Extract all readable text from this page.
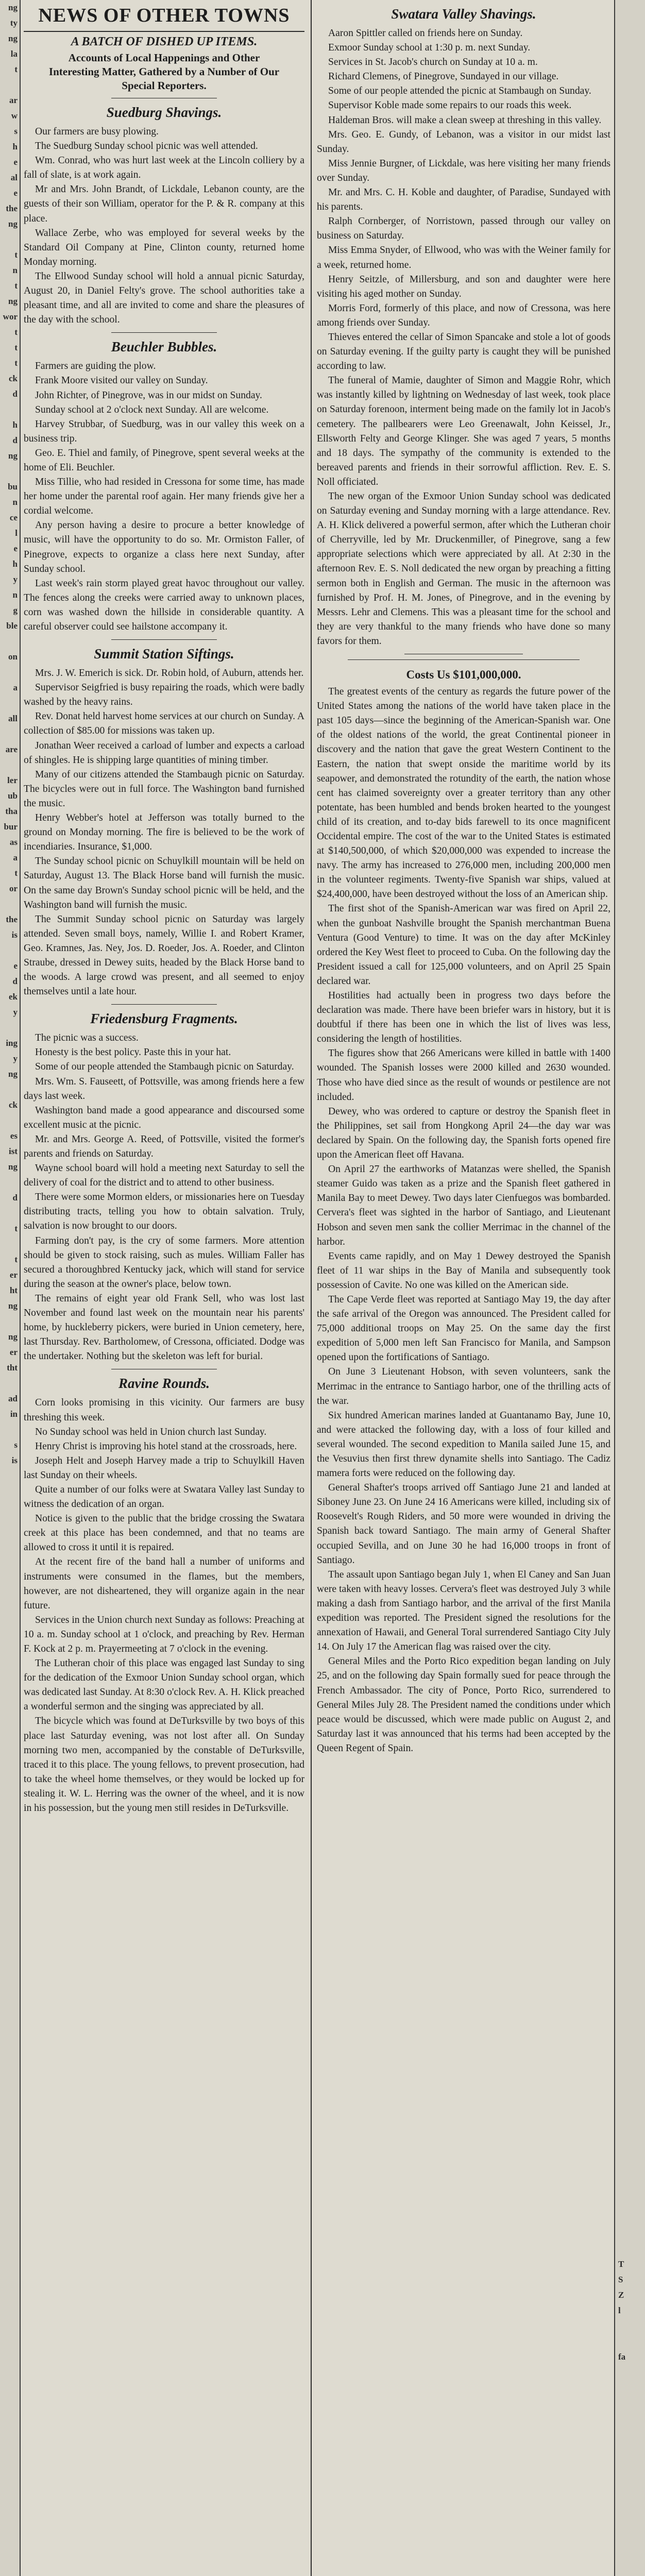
ng
ty
ng
la
t

ar
w
s
h
e
al
e
the
ng

t
n
t
ng
wor
t
t
t
ck
d

h
d
ng

bu
n
ce
l
e
h
y
n
g
ble

on

a

all

are

ler
ub
tha
bur
as
a
t
or

the
is

e
d
ek
y

ing
y
ng

ck

es
ist
ng

d

t

t
er
ht
ng

ng
er
tht

ad
in

s
is
NEWS OF OTHER TOWNS
A BATCH OF DISHED UP ITEMS.
Accounts of Local Happenings and Other Interesting Matter, Gathered by a Number of Our Special Reporters.
Suedburg Shavings.

Our farmers are busy plowing.

The Suedburg Sunday school picnic was well attended.

Wm. Conrad, who was hurt last week at the Lincoln colliery by a fall of slate, is at work again.

Mr and Mrs. John Brandt, of Lickdale, Lebanon county, are the guests of their son William, operator for the P. & R. company at this place.

Wallace Zerbe, who was employed for several weeks by the Standard Oil Company at Pine, Clinton county, returned home Monday morning.

The Ellwood Sunday school will hold a annual picnic Saturday, August 20, in Daniel Felty's grove. The school authorities take a pleasant time, and all are invited to come and share the pleasures of the day with the school.

Beuchler Bubbles.

Farmers are guiding the plow.

Frank Moore visited our valley on Sunday.

John Richter, of Pinegrove, was in our midst on Sunday.

Sunday school at 2 o'clock next Sunday. All are welcome.

Harvey Strubbar, of Suedburg, was in our valley this week on a business trip.

Geo. E. Thiel and family, of Pinegrove, spent several weeks at the home of Eli. Beuchler.

Miss Tillie, who had resided in Cressona for some time, has made her home under the parental roof again. Her many friends give her a cordial welcome.

Any person having a desire to procure a better knowledge of music, will have the opportunity to do so. Mr. Ormiston Faller, of Pinegrove, expects to organize a class here next Sunday, after Sunday school.

Last week's rain storm played great havoc throughout our valley. The fences along the creeks were carried away to unknown places, corn was washed down the hillside in considerable quantity. A careful observer could see hailstone accompany it.

Summit Station Siftings.

Mrs. J. W. Emerich is sick. Dr. Robin hold, of Auburn, attends her.

Supervisor Seigfried is busy repairing the roads, which were badly washed by the heavy rains.

Rev. Donat held harvest home services at our church on Sunday. A collection of $85.00 for missions was taken up.

Jonathan Weer received a carload of lumber and expects a carload of shingles. He is shipping large quantities of mining timber.

Many of our citizens attended the Stambaugh picnic on Saturday. The bicycles were out in full force. The Washington band furnished the music.

Henry Webber's hotel at Jefferson was totally burned to the ground on Monday morning. The fire is believed to be the work of incendiaries. Insurance, $1,000.

The Sunday school picnic on Schuylkill mountain will be held on Saturday, August 13. The Black Horse band will furnish the music. On the same day Brown's Sunday school picnic will be held, and the Washington band will furnish the music.

The Summit Sunday school picnic on Saturday was largely attended. Seven small boys, namely, Willie I. and Robert Kramer, Geo. Kramnes, Jas. Ney, Jos. D. Roeder, Jos. A. Roeder, and Clinton Straube, dressed in Dewey suits, headed by the Black Horse band to the woods. A large crowd was present, and all seemed to enjoy themselves until a late hour.

Friedensburg Fragments.

The picnic was a success.

Honesty is the best policy. Paste this in your hat.

Some of our people attended the Stambaugh picnic on Saturday.

Mrs. Wm. S. Fauseett, of Pottsville, was among friends here a few days last week.

Washington band made a good appearance and discoursed some excellent music at the picnic.

Mr. and Mrs. George A. Reed, of Pottsville, visited the former's parents and friends on Saturday.

Wayne school board will hold a meeting next Saturday to sell the delivery of coal for the district and to attend to other business.

There were some Mormon elders, or missionaries here on Tuesday distributing tracts, telling you how to obtain salvation. Truly, salvation is now brought to our doors.

Farming don't pay, is the cry of some farmers. More attention should be given to stock raising, such as mules. William Faller has secured a thoroughbred Kentucky jack, which will stand for service during the season at the owner's place, below town.

The remains of eight year old Frank Sell, who was lost last November and found last week on the mountain near his parents' home, by huckleberry pickers, were buried in Union cemetery, here, last Thursday. Rev. Bartholomew, of Cressona, officiated. Dodge was the undertaker. Nothing but the skeleton was left for burial.

Ravine Rounds.

Corn looks promising in this vicinity. Our farmers are busy threshing this week.

No Sunday school was held in Union church last Sunday.

Henry Christ is improving his hotel stand at the crossroads, here.

Joseph Helt and Joseph Harvey made a trip to Schuylkill Haven last Sunday on their wheels.

Quite a number of our folks were at Swatara Valley last Sunday to witness the dedication of an organ.

Notice is given to the public that the bridge crossing the Swatara creek at this place has been condemned, and that no teams are allowed to cross it until it is repaired.

At the recent fire of the band hall a number of uniforms and instruments were consumed in the flames, but the members, however, are not disheartened, they will organize again in the near future.

Services in the Union church next Sunday as follows: Preaching at 10 a. m. Sunday school at 1 o'clock, and preaching by Rev. Herman F. Kock at 2 p. m. Prayermeeting at 7 o'clock in the evening.

The Lutheran choir of this place was engaged last Sunday to sing for the dedication of the Exmoor Union Sunday school organ, which was dedicated last Sunday. At 8:30 o'clock Rev. A. H. Klick preached a wonderful sermon and the singing was appreciated by all.

The bicycle which was found at DeTurksville by two boys of this place last Saturday evening, was not lost after all. On Sunday morning two men, accompanied by the constable of DeTurksville, traced it to this place. The young fellows, to prevent prosecution, had to take the wheel home themselves, or they would be locked up for stealing it. W. L. Herring was the owner of the wheel, and it is now in his possession, but the young men still resides in DeTurksville.

Swatara Valley Shavings.

Aaron Spittler called on friends here on Sunday.

Exmoor Sunday school at 1:30 p. m. next Sunday.

Services in St. Jacob's church on Sunday at 10 a. m.

Richard Clemens, of Pinegrove, Sundayed in our village.

Some of our people attended the picnic at Stambaugh on Sunday.

Supervisor Koble made some repairs to our roads this week.

Haldeman Bros. will make a clean sweep at threshing in this valley.

Mrs. Geo. E. Gundy, of Lebanon, was a visitor in our midst last Sunday.

Miss Jennie Burgner, of Lickdale, was here visiting her many friends over Sunday.

Mr. and Mrs. C. H. Koble and daughter, of Paradise, Sundayed with his parents.

Ralph Cornberger, of Norristown, passed through our valley on business on Saturday.

Miss Emma Snyder, of Ellwood, who was with the Weiner family for a week, returned home.

Henry Seitzle, of Millersburg, and son and daughter were here visiting his aged mother on Sunday.

Morris Ford, formerly of this place, and now of Cressona, was here among friends over Sunday.

Thieves entered the cellar of Simon Spancake and stole a lot of goods on Saturday evening. If the guilty party is caught they will be punished according to law.

The funeral of Mamie, daughter of Simon and Maggie Rohr, which was instantly killed by lightning on Wednesday of last week, took place on Saturday forenoon, interment being made on the family lot in Jacob's cemetery. The pallbearers were Leo Greenawalt, John Keissel, Jr., Ellsworth Felty and George Klinger. She was aged 7 years, 5 months and 18 days. The sympathy of the community is extended to the bereaved parents and friends in their sorrowful affliction. Rev. E. S. Noll officiated.

The new organ of the Exmoor Union Sunday school was dedicated on Saturday evening and Sunday morning with a large attendance. Rev. A. H. Klick delivered a powerful sermon, after which the Lutheran choir of Cherryville, led by Mr. Druckenmiller, of Pinegrove, sang a few appropriate selections which were appreciated by all. At 2:30 in the afternoon Rev. E. S. Noll dedicated the new organ by preaching a fitting sermon both in English and German. The music in the afternoon was furnished by Prof. H. M. Jones, of Pinegrove, and in the evening by Messrs. Lehr and Clemens. This was a pleasant time for the school and they are very thankful to the many friends who have done so many favors for them.

Costs Us $101,000,000.

The greatest events of the century as regards the future power of the United States among the nations of the world have taken place in the past 105 days—since the beginning of the American-Spanish war. One of the oldest nations of the world, the great Continental pioneer in discovery and the nation that gave the great Western Continent to the Eastern, the nation that swept onside the maritime world by its seapower, and demonstrated the rotundity of the earth, the nation whose cent has claimed sovereignty over a greater territory than any other potentate, has been humbled and bends broken hearted to the youngest child of its creation, and to-day bids farewell to its once magnificent Occidental empire. The cost of the war to the United States is estimated at $140,500,000, of which $20,000,000 was expended to increase the navy. The army has increased to 276,000 men, including 200,000 men in the volunteer regiments. Twenty-five Spanish war ships, valued at $24,400,000, have been destroyed without the loss of an American ship.

The first shot of the Spanish-American war was fired on April 22, when the gunboat Nashville brought the Spanish merchantman Buena Ventura (Good Venture) to time. It was on the day after McKinley ordered the Key West fleet to proceed to Cuba. On the following day the President issued a call for 125,000 volunteers, and on April 25 Spain declared war.

Hostilities had actually been in progress two days before the declaration was made. There have been briefer wars in history, but it is doubtful if there has been one in which the list of lives was less, considering the length of hostilities.

The figures show that 266 Americans were killed in battle with 1400 wounded. The Spanish losses were 2000 killed and 2630 wounded. Those who have died since as the result of wounds or pestilence are not included.

Dewey, who was ordered to capture or destroy the Spanish fleet in the Philippines, set sail from Hongkong April 24—the day war was declared by Spain. On the following day, the Spanish forts opened fire upon the American fleet off Havana.

On April 27 the earthworks of Matanzas were shelled, the Spanish steamer Guido was taken as a prize and the Spanish fleet gathered in Manila Bay to meet Dewey. Two days later Cienfuegos was bombarded. Cervera's fleet was sighted in the harbor of Santiago, and Lieutenant Hobson and seven men sank the collier Merrimac in the channel of the harbor.

Events came rapidly, and on May 1 Dewey destroyed the Spanish fleet of 11 war ships in the Bay of Manila and subsequently took possession of Cavite. No one was killed on the American side.

The Cape Verde fleet was reported at Santiago May 19, the day after the safe arrival of the Oregon was announced. The President called for 75,000 additional troops on May 25. On the same day the first expedition of 5,000 men left San Francisco for Manila, and Sampson opened upon the fortifications of Santiago.

On June 3 Lieutenant Hobson, with seven volunteers, sank the Merrimac in the entrance to Santiago harbor, one of the thrilling acts of the war.

Six hundred American marines landed at Guantanamo Bay, June 10, and were attacked the following day, with a loss of four killed and several wounded. The second expedition to Manila sailed June 15, and the Vesuvius then first threw dynamite shells into Santiago. The Cadiz mamera forts were reduced on the following day.

General Shafter's troops arrived off Santiago June 21 and landed at Siboney June 23. On June 24 16 Americans were killed, including six of Roosevelt's Rough Riders, and 50 more were wounded in driving the Spanish back toward Santiago. The main army of General Shafter occupied Sevilla, and on June 30 he had 16,000 troops in front of Santiago.

The assault upon Santiago began July 1, when El Caney and San Juan were taken with heavy losses. Cervera's fleet was destroyed July 3 while making a dash from Santiago harbor, and the arrival of the first Manila expedition was reported. The President signed the resolutions for the annexation of Hawaii, and General Toral surrendered Santiago City July 14. On July 17 the American flag was raised over the city.

General Miles and the Porto Rico expedition began landing on July 25, and on the following day Spain formally sued for peace through the French Ambassador. The city of Ponce, Porto Rico, surrendered to General Miles July 28. The President named the conditions under which peace would be discussed, which were made public on August 2, and Saturday last it was announced that his terms had been accepted by the Queen Regent of Spain.

T
S
Z
l

fa
